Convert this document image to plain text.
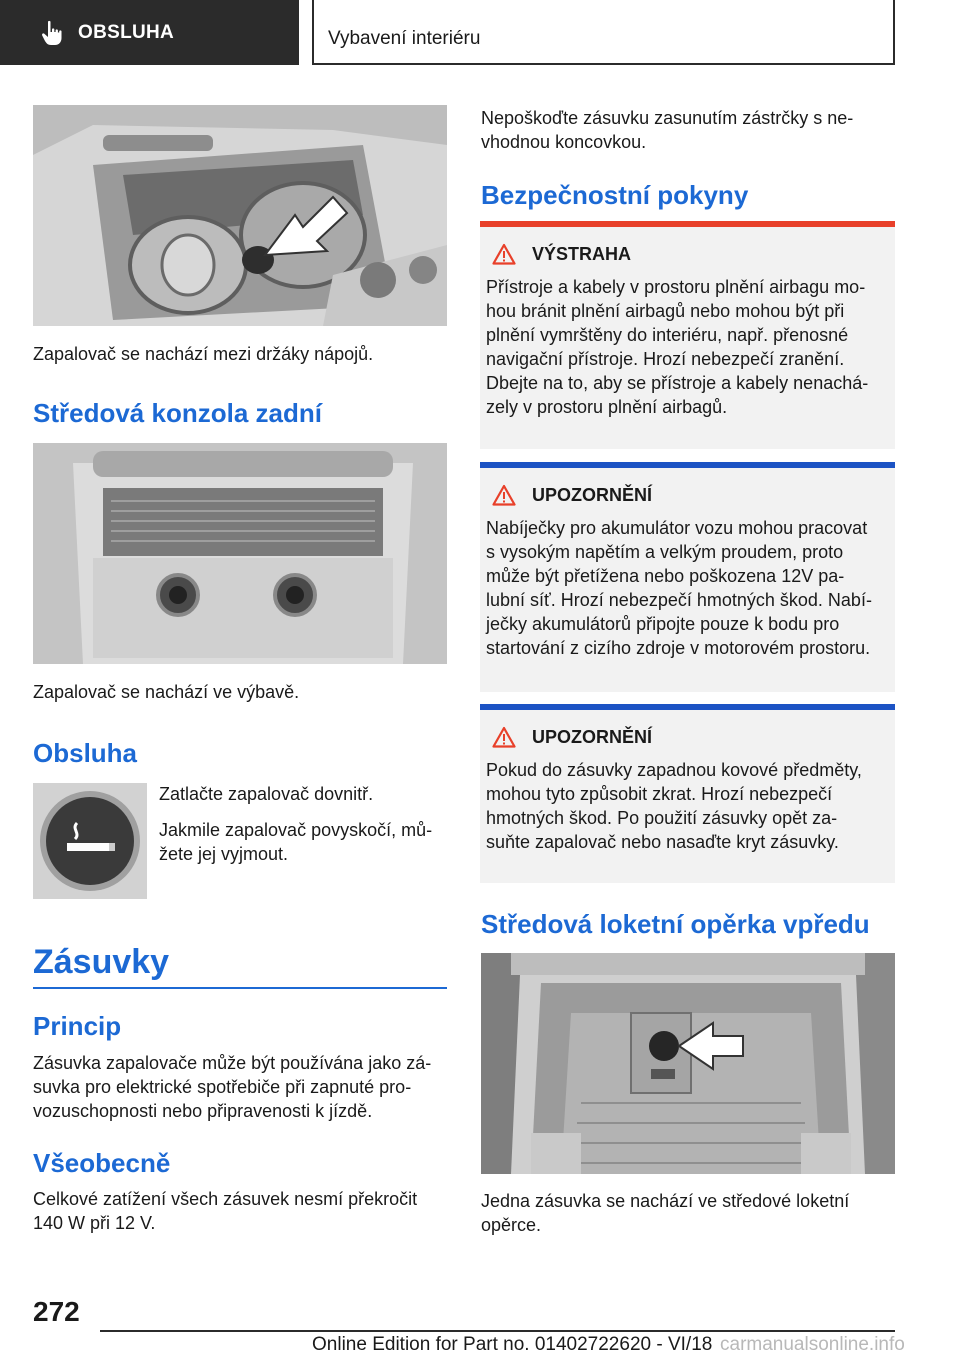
OBSLUHA	Vybavení interiéru
Zapalovač se nachází mezi držáky nápojů.
Středová konzola zadní
Zapalovač se nachází ve výbavě.
Obsluha
Zatlačte zapalovač dovnitř.
Jakmile zapalovač povyskočí, mů-
žete jej vyjmout.
Zásuvky
Princip
Zásuvka zapalovače může být používána jako zá-
suvka pro elektrické spotřebiče při zapnuté pro-
vozuschopnosti nebo připravenosti k jízdě.
Všeobecně
Celkové zatížení všech zásuvek nesmí překročit
140 W při 12 V.
Nepoškoďte zásuvku zasunutím zástrčky s ne-
vhodnou koncovkou.
Bezpečnostní pokyny
VÝSTRAHA
Přístroje a kabely v prostoru plnění airbagu mo-
hou bránit plnění airbagů nebo mohou být při
plnění vymrštěny do interiéru, např. přenosné
navigační přístroje. Hrozí nebezpečí zranění.
Dbejte na to, aby se přístroje a kabely nenachá-
zely v prostoru plnění airbagů.
UPOZORNĚNÍ
Nabíječky pro akumulátor vozu mohou pracovat
s vysokým napětím a velkým proudem, proto
může být přetížena nebo poškozena 12V pa-
lubní síť. Hrozí nebezpečí hmotných škod. Nabí-
ječky akumulátorů připojte pouze k bodu pro
startování z cizího zdroje v motorovém prostoru.
UPOZORNĚNÍ
Pokud do zásuvky zapadnou kovové předměty,
mohou tyto způsobit zkrat. Hrozí nebezpečí
hmotných škod. Po použití zásuvky opět za-
suňte zapalovač nebo nasaďte kryt zásuvky.
Středová loketní opěrka vpředu
Jedna zásuvka se nachází ve středové loketní
opěrce.
272
Online Edition for Part no. 01402722620 - VI/18 carmanualsonline.info
